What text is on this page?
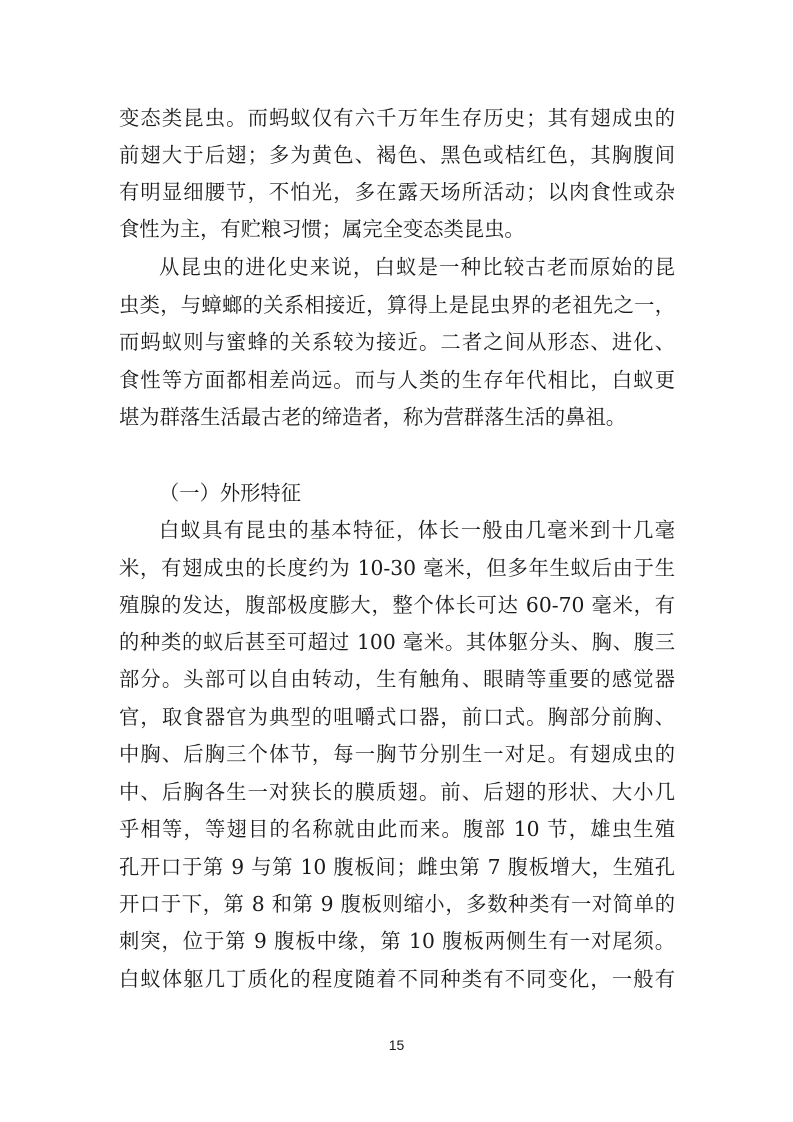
变态类昆虫。而蚂蚁仅有六千万年生存历史；其有翅成虫的
前翅大于后翅；多为黄色、褐色、黑色或桔红色，其胸腹间
有明显细腰节，不怕光，多在露天场所活动；以肉食性或杂
食性为主，有贮粮习惯；属完全变态类昆虫。
从昆虫的进化史来说，白蚁是一种比较古老而原始的昆
虫类，与蟑螂的关系相接近，算得上是昆虫界的老祖先之一，
而蚂蚁则与蜜蜂的关系较为接近。二者之间从形态、进化、
食性等方面都相差尚远。而与人类的生存年代相比，白蚁更
堪为群落生活最古老的缔造者，称为营群落生活的鼻祖。
（一）外形特征
白蚁具有昆虫的基本特征，体长一般由几毫米到十几毫
米，有翅成虫的长度约为 10-30 毫米，但多年生蚁后由于生
殖腺的发达，腹部极度膨大，整个体长可达 60-70 毫米，有
的种类的蚁后甚至可超过 100 毫米。其体躯分头、胸、腹三
部分。头部可以自由转动，生有触角、眼睛等重要的感觉器
官，取食器官为典型的咀嚼式口器，前口式。胸部分前胸、
中胸、后胸三个体节，每一胸节分别生一对足。有翅成虫的
中、后胸各生一对狭长的膜质翅。前、后翅的形状、大小几
乎相等，等翅目的名称就由此而来。腹部 10 节，雄虫生殖
孔开口于第 9 与第 10 腹板间；雌虫第 7 腹板增大，生殖孔
开口于下，第 8 和第 9 腹板则缩小，多数种类有一对简单的
刺突，位于第 9 腹板中缘，第 10 腹板两侧生有一对尾须。
白蚁体躯几丁质化的程度随着不同种类有不同变化，一般有
15
